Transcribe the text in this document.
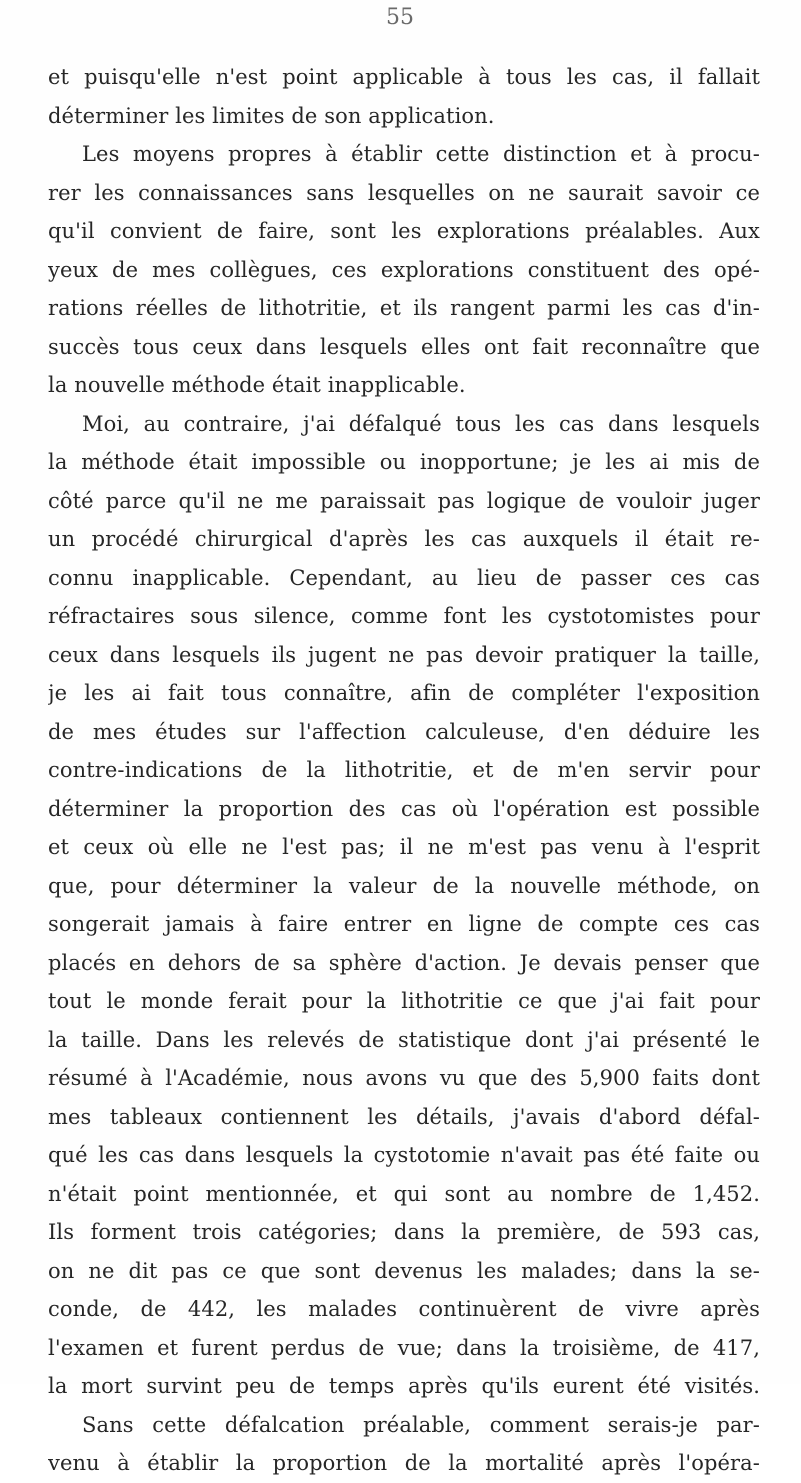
55
et puisqu'elle n'est point applicable à tous les cas, il fallait
déterminer les limites de son application.
Les moyens propres à établir cette distinction et à procu-
rer les connaissances sans lesquelles on ne saurait savoir ce
qu'il convient de faire, sont les explorations préalables. Aux
yeux de mes collègues, ces explorations constituent des opé-
rations réelles de lithotritie, et ils rangent parmi les cas d'in-
succès tous ceux dans lesquels elles ont fait reconnaître que
la nouvelle méthode était inapplicable.
Moi, au contraire, j'ai défalqué tous les cas dans lesquels
la méthode était impossible ou inopportune; je les ai mis de
côté parce qu'il ne me paraissait pas logique de vouloir juger
un procédé chirurgical d'après les cas auxquels il était re-
connu inapplicable. Cependant, au lieu de passer ces cas
réfractaires sous silence, comme font les cystotomistes pour
ceux dans lesquels ils jugent ne pas devoir pratiquer la taille,
je les ai fait tous connaître, afin de compléter l'exposition
de mes études sur l'affection calculeuse, d'en déduire les
contre-indications de la lithotritie, et de m'en servir pour
déterminer la proportion des cas où l'opération est possible
et ceux où elle ne l'est pas; il ne m'est pas venu à l'esprit
que, pour déterminer la valeur de la nouvelle méthode, on
songerait jamais à faire entrer en ligne de compte ces cas
placés en dehors de sa sphère d'action. Je devais penser que
tout le monde ferait pour la lithotritie ce que j'ai fait pour
la taille. Dans les relevés de statistique dont j'ai présenté le
résumé à l'Académie, nous avons vu que des 5,900 faits dont
mes tableaux contiennent les détails, j'avais d'abord défal-
qué les cas dans lesquels la cystotomie n'avait pas été faite ou
n'était point mentionnée, et qui sont au nombre de 1,452.
Ils forment trois catégories; dans la première, de 593 cas,
on ne dit pas ce que sont devenus les malades; dans la se-
conde, de 442, les malades continuèrent de vivre après
l'examen et furent perdus de vue; dans la troisième, de 417,
la mort survint peu de temps après qu'ils eurent été visités.
Sans cette défalcation préalable, comment serais-je par-
venu à établir la proportion de la mortalité après l'opéra-
